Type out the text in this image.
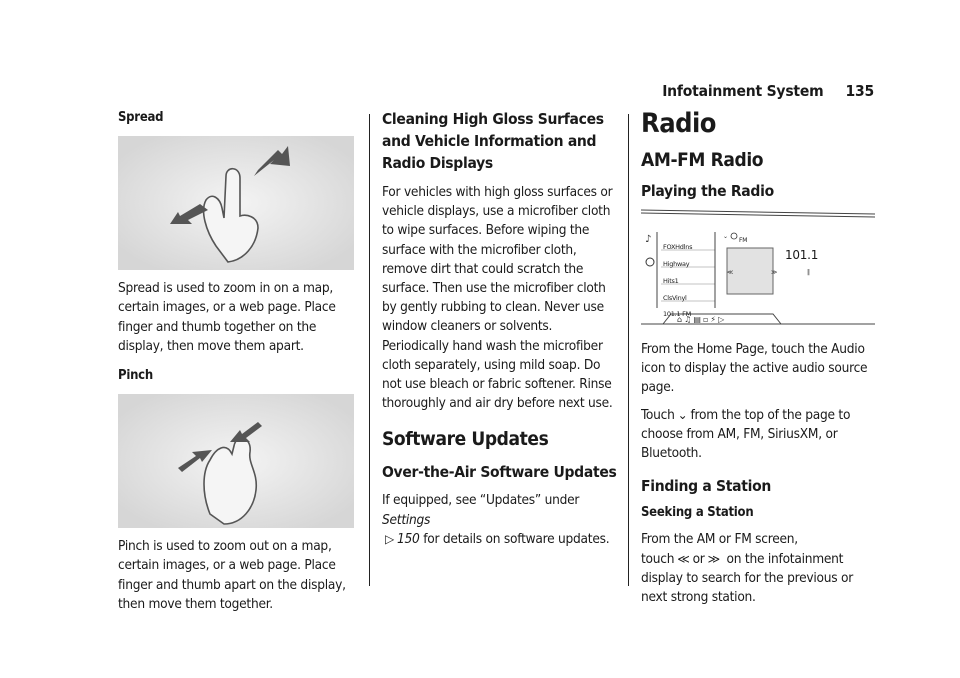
Infotainment System 135

Spread

Spread is used to zoom in on a map, certain images, or a web page. Place finger and thumb together on the display, then move them apart.

Pinch

Pinch is used to zoom out on a map, certain images, or a web page. Place finger and thumb apart on the display, then move them together.

Cleaning High Gloss Surfaces and Vehicle Information and Radio Displays

For vehicles with high gloss surfaces or vehicle displays, use a microfiber cloth to wipe surfaces. Before wiping the surface with the microfiber cloth, remove dirt that could scratch the surface. Then use the microfiber cloth by gently rubbing to clean. Never use window cleaners or solvents. Periodically hand wash the microfiber cloth separately, using mild soap. Do not use bleach or fabric softener. Rinse thoroughly and air dry before next use.

Software Updates

Over-the-Air Software Updates

If equipped, see “Updates” under Settings
▷ 150 for details on software updates.

Radio

AM-FM Radio

Playing the Radio

♪	⌄
≪	≫	‖
⌂ ♫ ▤ ▫ ⚡ ▷
FM
101.1
FOXHdlns
Highway
Hits1
ClsVinyl
101.1 FM

From the Home Page, touch the Audio icon to display the active audio source page.

Touch ⌄ from the top of the page to choose from AM, FM, SiriusXM, or Bluetooth.

Finding a Station

Seeking a Station

From the AM or FM screen, touch ≪ or ≫ on the infotainment display to search for the previous or next strong station.
